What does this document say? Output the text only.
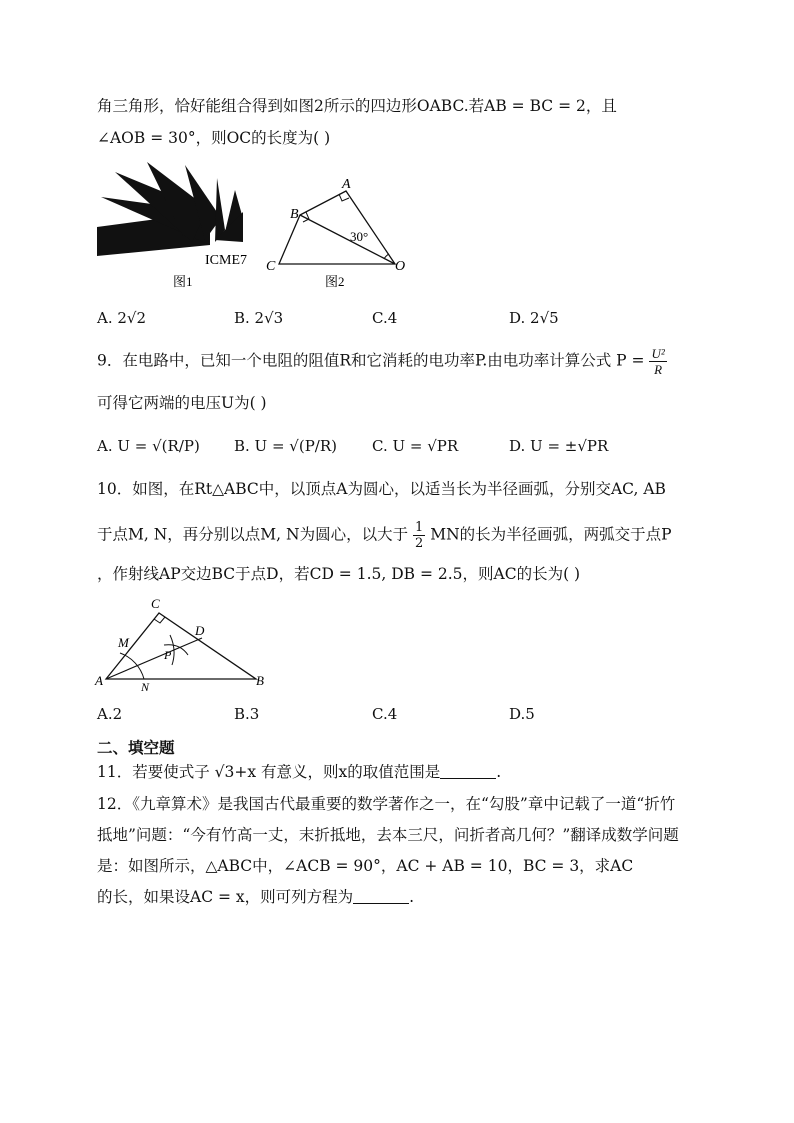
角三角形，恰好能组合得到如图2所示的四边形OABC.若AB = BC = 2，且
∠AOB = 30°，则OC的长度为( )
ICME7
图1
A
B
C	O
30°
图2
A. 2√2	B. 2√3	C.4	D. 2√5
9．在电路中，已知一个电阻的阻值R和它消耗的电功率P.由电功率计算公式 $P = \frac{\text{U²}}{R}$
可得它两端的电压U为( )
A. U = √(R/P) B. U = √(P/R) C. U = √PR	D. U = ±√PR
10．如图，在Rt△ABC中，以顶点A为圆心，以适当长为半径画弧，分别交AC, AB
于点M, N，再分别以点M, N为圆心，以大于 $\frac{1}{2}$ MN的长为半径画弧，两弧交于点P
，作射线AP交边BC于点D，若CD = 1.5, DB = 2.5，则AC的长为( )
C
D
M
P
A	N	B
A.2	B.3	C.4	D.5
二、填空题
11．若要使式子 √3+x 有意义，则x的取值范围是	.
12．《九章算术》是我国古代最重要的数学著作之一，在“勾股”章中记载了一道“折竹
抵地”问题：“今有竹高一丈，末折抵地，去本三尺，问折者高几何？”翻译成数学问题
是：如图所示，△ABC中，∠ACB = 90°，AC + AB = 10，BC = 3，求AC
的长，如果设AC = x，则可列方程为	.
